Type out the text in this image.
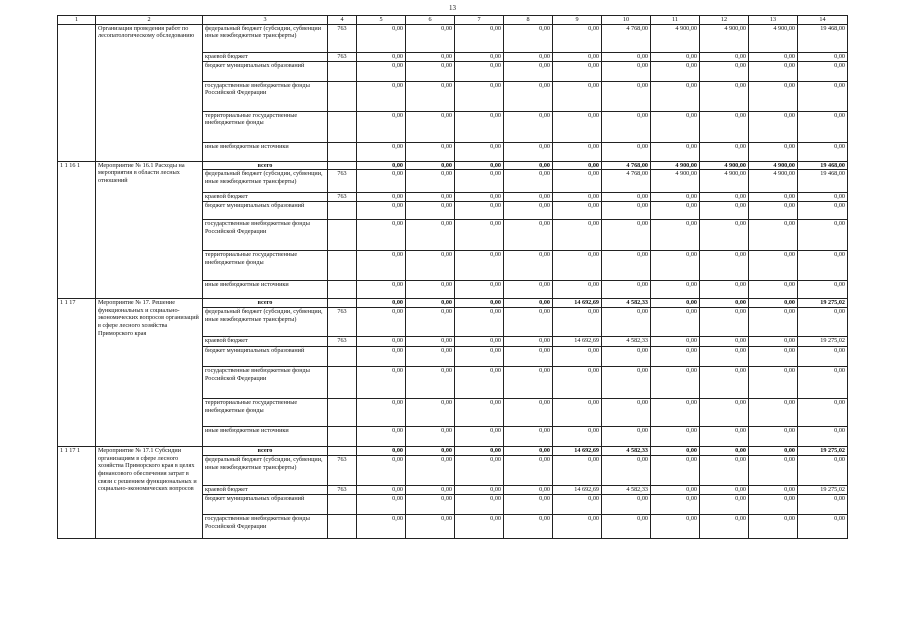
13
1	2	3	4	5	6	7	8	9	10	11	12	13	14
	Организация проведения работ по лесопатологическому обследованию	федеральный бюджет (субсидии, субвенции иные межбюджетные трансферты)	763	0,00	0,00	0,00	0,00	0,00	4 768,00	4 900,00	4 900,00	4 900,00	19 468,00
		краевой бюджет	763	0,00	0,00	0,00	0,00	0,00	0,00	0,00	0,00	0,00	0,00
		бюджет муниципальных образований		0,00	0,00	0,00	0,00	0,00	0,00	0,00	0,00	0,00	0,00
		государственные внебюджетные фонды Российской Федерации		0,00	0,00	0,00	0,00	0,00	0,00	0,00	0,00	0,00	0,00
		территориальные государственные внебюджетные фонды		0,00	0,00	0,00	0,00	0,00	0,00	0,00	0,00	0,00	0,00
		иные внебюджетные источники		0,00	0,00	0,00	0,00	0,00	0,00	0,00	0,00	0,00	0,00
1 1 16 1	Мероприятие № 16.1 Расходы на мероприятия в области лесных отношений	всего		0,00	0,00	0,00	0,00	0,00	4 768,00	4 900,00	4 900,00	4 900,00	19 468,00
		федеральный бюджет (субсидии, субвенции, иные межбюджетные трансферты)	763	0,00	0,00	0,00	0,00	0,00	4 768,00	4 900,00	4 900,00	4 900,00	19 468,00
		краевой бюджет	763	0,00	0,00	0,00	0,00	0,00	0,00	0,00	0,00	0,00	0,00
		бюджет муниципальных образований		0,00	0,00	0,00	0,00	0,00	0,00	0,00	0,00	0,00	0,00
		государственные внебюджетные фонды Российской Федерации		0,00	0,00	0,00	0,00	0,00	0,00	0,00	0,00	0,00	0,00
		территориальные государственные внебюджетные фонды		0,00	0,00	0,00	0,00	0,00	0,00	0,00	0,00	0,00	0,00
		иные внебюджетные источники		0,00	0,00	0,00	0,00	0,00	0,00	0,00	0,00	0,00	0,00
1 1 17	Мероприятие № 17. Решение функциональных и социально-экономических вопросов организаций в сфере лесного хозяйства Приморского края	всего		0,00	0,00	0,00	0,00	14 692,69	4 582,33	0,00	0,00	0,00	19 275,02
		федеральный бюджет (субсидии, субвенции, иные межбюджетные трансферты)	763	0,00	0,00	0,00	0,00	0,00	0,00	0,00	0,00	0,00	0,00
		краевой бюджет	763	0,00	0,00	0,00	0,00	14 692,69	4 582,33	0,00	0,00	0,00	19 275,02
		бюджет муниципальных образований		0,00	0,00	0,00	0,00	0,00	0,00	0,00	0,00	0,00	0,00
		государственные внебюджетные фонды Российской Федерации		0,00	0,00	0,00	0,00	0,00	0,00	0,00	0,00	0,00	0,00
		территориальные государственные внебюджетные фонды		0,00	0,00	0,00	0,00	0,00	0,00	0,00	0,00	0,00	0,00
		иные внебюджетные источники		0,00	0,00	0,00	0,00	0,00	0,00	0,00	0,00	0,00	0,00
1 1 17 1	Мероприятие № 17.1 Субсидии организациям в сфере лесного хозяйства Приморского края в целях финансового обеспечения затрат в связи с решением функциональных и социально-экономических вопросов	всего		0,00	0,00	0,00	0,00	14 692,69	4 582,33	0,00	0,00	0,00	19 275,02
		федеральный бюджет (субсидии, субвенции, иные межбюджетные трансферты)	763	0,00	0,00	0,00	0,00	0,00	0,00	0,00	0,00	0,00	0,00
		краевой бюджет	763	0,00	0,00	0,00	0,00	14 692,69	4 582,33	0,00	0,00	0,00	19 275,02
		бюджет муниципальных образований		0,00	0,00	0,00	0,00	0,00	0,00	0,00	0,00	0,00	0,00
		государственные внебюджетные фонды Российской Федерации		0,00	0,00	0,00	0,00	0,00	0,00	0,00	0,00	0,00	0,00
